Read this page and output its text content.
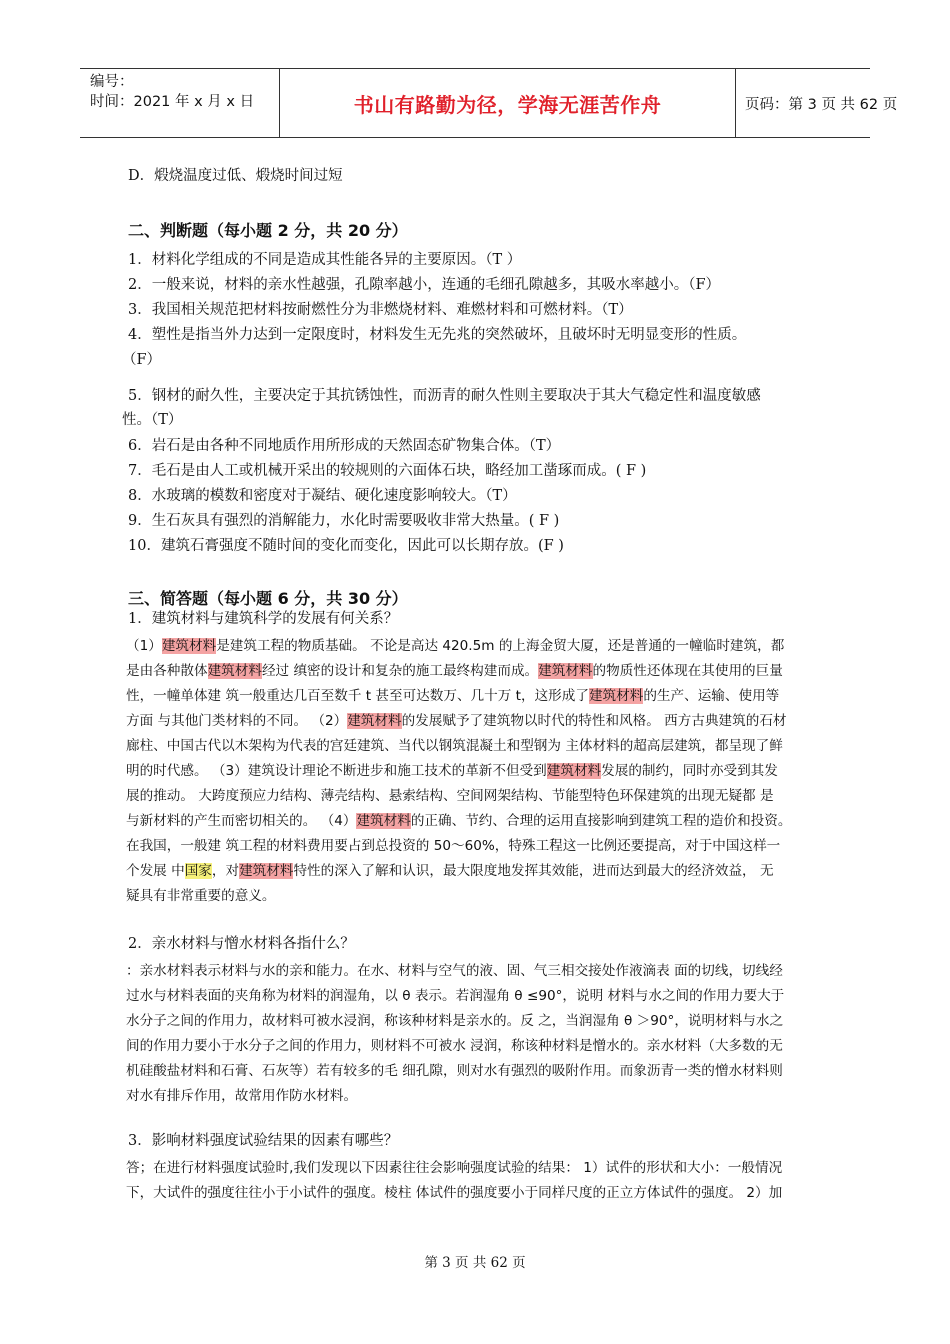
编号：
时间：2021 年 x 月 x 日	书山有路勤为径，学海无涯苦作舟	页码：第 3 页 共 62 页
D．煅烧温度过低、煅烧时间过短
二、判断题（每小题 2 分，共 20 分）
1．材料化学组成的不同是造成其性能各异的主要原因。（T ）
2．一般来说，材料的亲水性越强，孔隙率越小，连通的毛细孔隙越多，其吸水率越小。（F）
3．我国相关规范把材料按耐燃性分为非燃烧材料、难燃材料和可燃材料。（T）
4．塑性是指当外力达到一定限度时，材料发生无先兆的突然破坏，且破坏时无明显变形的性质。
（F）
5．钢材的耐久性，主要决定于其抗锈蚀性，而沥青的耐久性则主要取决于其大气稳定性和温度敏感
性。（T）
6．岩石是由各种不同地质作用所形成的天然固态矿物集合体。（T）
7．毛石是由人工或机械开采出的较规则的六面体石块，略经加工凿琢而成。( F )
8．水玻璃的模数和密度对于凝结、硬化速度影响较大。（T）
9．生石灰具有强烈的消解能力，水化时需要吸收非常大热量。( F )
10．建筑石膏强度不随时间的变化而变化，因此可以长期存放。(F )
三、简答题（每小题 6 分，共 30 分）
1．建筑材料与建筑科学的发展有何关系？
（1）建筑材料是建筑工程的物质基础。 不论是高达 420.5m 的上海金贸大厦，还是普通的一幢临时建筑，都
是由各种散体建筑材料经过 缜密的设计和复杂的施工最终构建而成。建筑材料的物质性还体现在其使用的巨量
性，一幢单体建 筑一般重达几百至数千 t 甚至可达数万、几十万 t，这形成了建筑材料的生产、运输、使用等
方面 与其他门类材料的不同。 （2）建筑材料的发展赋予了建筑物以时代的特性和风格。 西方古典建筑的石材
廊柱、中国古代以木架构为代表的宫廷建筑、当代以钢筑混凝土和型钢为 主体材料的超高层建筑，都呈现了鲜
明的时代感。 （3）建筑设计理论不断进步和施工技术的革新不但受到建筑材料发展的制约，同时亦受到其发
展的推动。 大跨度预应力结构、薄壳结构、悬索结构、空间网架结构、节能型特色环保建筑的出现无疑都 是
与新材料的产生而密切相关的。 （4）建筑材料的正确、节约、合理的运用直接影响到建筑工程的造价和投资。
在我国，一般建 筑工程的材料费用要占到总投资的 50～60%，特殊工程这一比例还要提高，对于中国这样一
个发展 中国家，对建筑材料特性的深入了解和认识，最大限度地发挥其效能，进而达到最大的经济效益， 无
疑具有非常重要的意义。
2．亲水材料与憎水材料各指什么？
：亲水材料表示材料与水的亲和能力。在水、材料与空气的液、固、气三相交接处作液滴表 面的切线，切线经
过水与材料表面的夹角称为材料的润湿角，以 θ 表示。若润湿角 θ ≤90°，说明 材料与水之间的作用力要大于
水分子之间的作用力，故材料可被水浸润，称该种材料是亲水的。反 之，当润湿角 θ ＞90°，说明材料与水之
间的作用力要小于水分子之间的作用力，则材料不可被水 浸润，称该种材料是憎水的。亲水材料（大多数的无
机硅酸盐材料和石膏、石灰等）若有较多的毛 细孔隙，则对水有强烈的吸附作用。而象沥青一类的憎水材料则
对水有排斥作用，故常用作防水材料。
3．影响材料强度试验结果的因素有哪些？
答；在进行材料强度试验时,我们发现以下因素往往会影响强度试验的结果： 1）试件的形状和大小：一般情况
下，大试件的强度往往小于小试件的强度。棱柱 体试件的强度要小于同样尺度的正立方体试件的强度。 2）加
第 3 页 共 62 页
